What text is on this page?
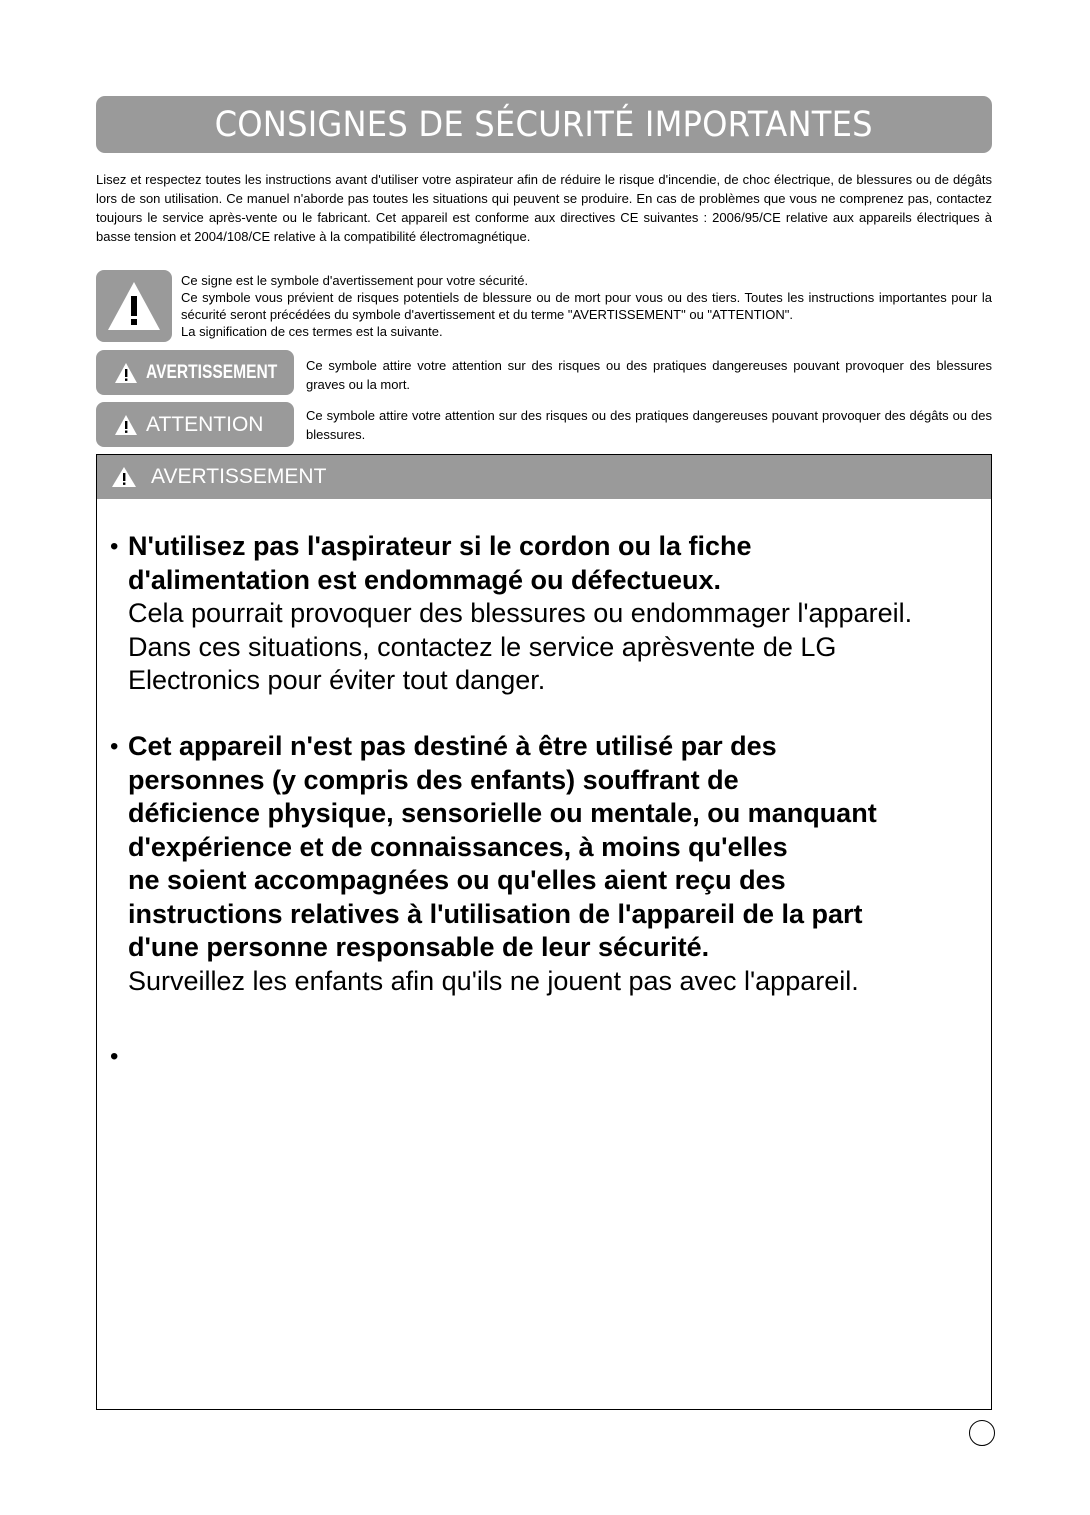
CONSIGNES DE SÉCURITÉ IMPORTANTES

Lisez et respectez toutes les instructions avant d'utiliser votre aspirateur afin de réduire le risque d'incendie, de choc électrique, de blessures ou de dégâts lors de son utilisation. Ce manuel n'aborde pas toutes les situations qui peuvent se produire. En cas de problèmes que vous ne comprenez pas, contactez toujours le service après-vente ou le fabricant. Cet appareil est conforme aux directives CE suivantes : 2006/95/CE relative aux appareils électriques à basse tension et 2004/108/CE relative à la compatibilité électromagnétique.

Ce signe est le symbole d'avertissement pour votre sécurité.

Ce symbole vous prévient de risques potentiels de blessure ou de mort pour vous ou des tiers. Toutes les instructions importantes pour la sécurité seront précédées du symbole d'avertissement et du terme "AVERTISSEMENT" ou "ATTENTION".

La signification de ces termes est la suivante.

AVERTISSEMENT Ce symbole attire votre attention sur des risques ou des pratiques dangereuses pouvant provoquer des blessures graves ou la mort.
ATTENTION	Ce symbole attire votre attention sur des risques ou des pratiques dangereuses pouvant provoquer des dégâts ou des blessures.
AVERTISSEMENT
• N'utilisez pas l'aspirateur si le cordon ou la fiche
d'alimentation est endommagé ou défectueux.
Cela pourrait provoquer des blessures ou endommager l'appareil.
Dans ces situations, contactez le service aprèsvente de LG
Electronics pour éviter tout danger.
• Cet appareil n'est pas destiné à être utilisé par des
personnes (y compris des enfants) souffrant de
déficience physique, sensorielle ou mentale, ou manquant
d'expérience et de connaissances, à moins qu'elles
ne soient accompagnées ou qu'elles aient reçu des
instructions relatives à l'utilisation de l'appareil de la part
d'une personne responsable de leur sécurité.
Surveillez les enfants afin qu'ils ne jouent pas avec l'appareil.
•
